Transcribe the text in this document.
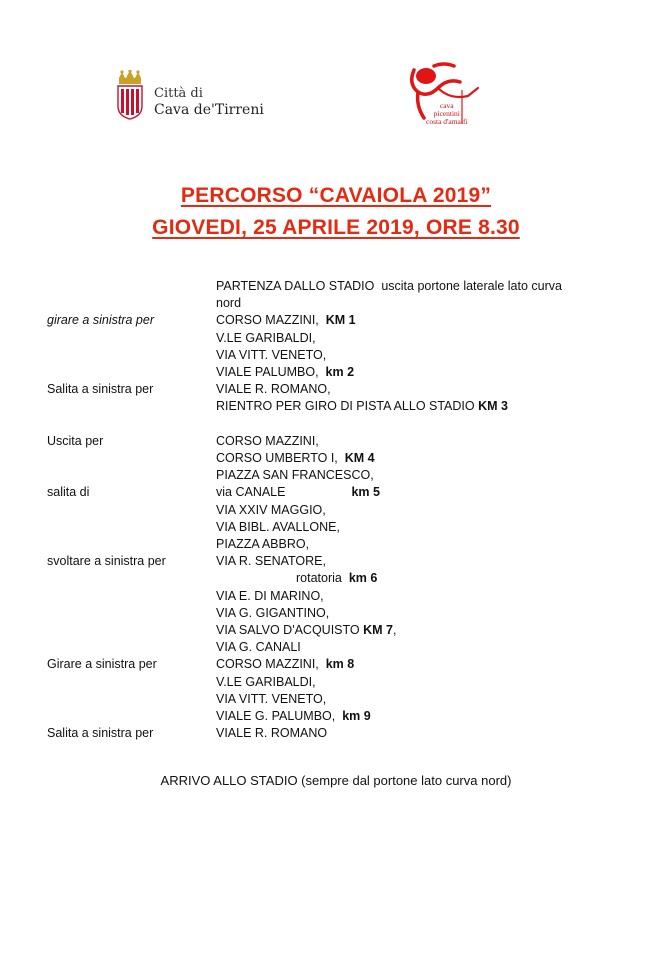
Città di
Cava de'Tirreni	cava
picentini
costa d'amalfi
PERCORSO “CAVAIOLA 2019”
GIOVEDI, 25 APRILE 2019, ORE 8.30
PARTENZA DALLO STADIO  uscita portone laterale lato curva
nord
girare a sinistra per	CORSO MAZZINI,  KM 1
V.LE GARIBALDI,
VIA VITT. VENETO,
VIALE PALUMBO,  km 2
Salita a sinistra per	VIALE R. ROMANO,
RIENTRO PER GIRO DI PISTA ALLO STADIO KM 3
Uscita per	CORSO MAZZINI,
CORSO UMBERTO I,  KM 4
PIAZZA SAN FRANCESCO,
salita di	via CANALE	km 5
VIA XXIV MAGGIO,
VIA BIBL. AVALLONE,
PIAZZA ABBRO,
svoltare a sinistra per	VIA R. SENATORE,
rotatoria  km 6
VIA E. DI MARINO,
VIA G. GIGANTINO,
VIA SALVO D'ACQUISTO KM 7,
VIA G. CANALI
Girare a sinistra per	CORSO MAZZINI,  km 8
V.LE GARIBALDI,
VIA VITT. VENETO,
VIALE G. PALUMBO,  km 9
Salita a sinistra per	VIALE R. ROMANO
ARRIVO ALLO STADIO (sempre dal portone lato curva nord)
